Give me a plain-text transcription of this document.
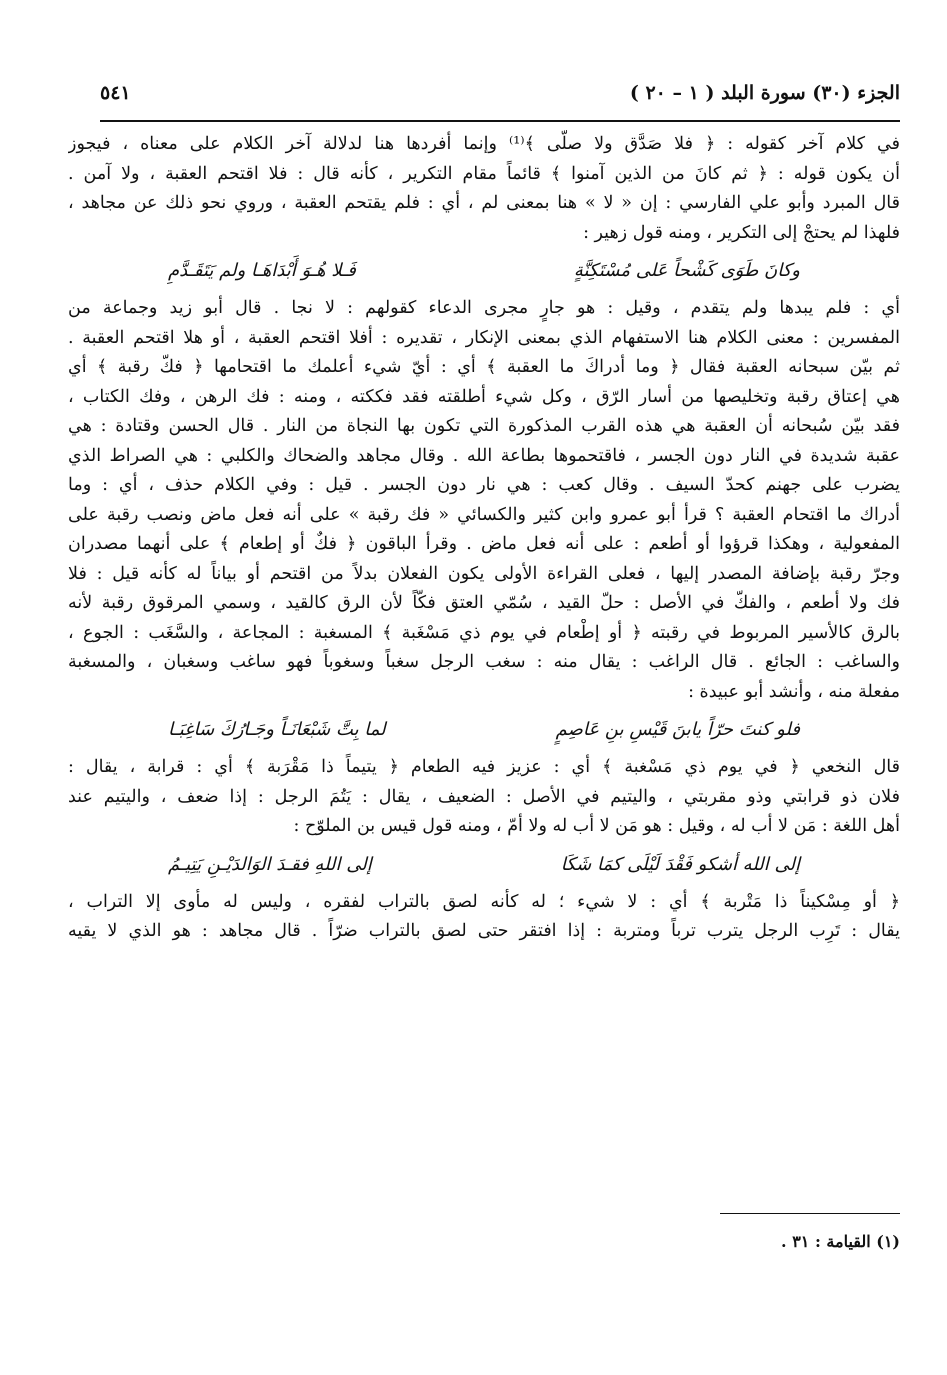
الجزء (٣٠) سورة البلد ( ١ – ٢٠ )
٥٤١
في كلام آخر كقوله : ﴿ فلا صَدَّق ولا صلّى ﴾⁽¹⁾ وإنما أفردها هنا لدلالة آخر الكلام على معناه ، فيجوز
أن يكون قوله : ﴿ ثم كانَ من الذين آمنوا ﴾ قائماً مقام التكرير ، كأنه قال : فلا اقتحم العقبة ، ولا آمن .
قال المبرد وأبو علي الفارسي : إن « لا » هنا بمعنى لم ، أي : فلم يقتحم العقبة ، وروي نحو ذلك عن مجاهد ،
فلهذا لم يحتجْ إلى التكرير ، ومنه قول زهير :
وكانَ طَوَى كَشْحاً عَلى مُسْتَكِنَّةٍ
فَـلا هُـوَ أَبْدَاهَـا ولم يَتَقَـدَّمِ
أي : فلم يبدها ولم يتقدم ، وقيل : هو جارٍ مجرى الدعاء كقولهم : لا نجا . قال أبو زيد وجماعة من
المفسرين : معنى الكلام هنا الاستفهام الذي بمعنى الإنكار ، تقديره : أفلا اقتحم العقبة ، أو هلا اقتحم العقبة .
ثم بيّن سبحانه العقبة فقال ﴿ وما أدراكَ ما العقبة ﴾ أي : أيّ شيء أعلمك ما اقتحامها ﴿ فكّ رقبة ﴾ أي
هي إعتاق رقبة وتخليصها من أسار الرّق ، وكل شيء أطلقته فقد فككته ، ومنه : فك الرهن ، وفك الكتاب ،
فقد بيّن سُبحانه أن العقبة هي هذه القرب المذكورة التي تكون بها النجاة من النار . قال الحسن وقتادة : هي
عقبة شديدة في النار دون الجسر ، فاقتحموها بطاعة الله . وقال مجاهد والضحاك والكلبي : هي الصراط الذي
يضرب على جهنم كحدّ السيف . وقال كعب : هي نار دون الجسر . قيل : وفي الكلام حذف ، أي : وما
أدراك ما اقتحام العقبة ؟ قرأ أبو عمرو وابن كثير والكسائي « فك رقبة » على أنه فعل ماض ونصب رقبة على
المفعولية ، وهكذا قرؤوا أو أطعم : على أنه فعل ماض . وقرأ الباقون ﴿ فكٌ أو إطعام ﴾ على أنهما مصدران
وجرّ رقبة بإضافة المصدر إليها ، فعلى القراءة الأولى يكون الفعلان بدلاً من اقتحم أو بياناً له كأنه قيل : فلا
فك ولا أطعم ، والفكّ في الأصل : حلّ القيد ، سُمّي العتق فكّاً لأن الرق كالقيد ، وسمي المرقوق رقبة لأنه
بالرق كالأسير المربوط في رقبته ﴿ أو إطْعام في يوم ذي مَسْغَبة ﴾ المسغبة : المجاعة ، والسَّغَب : الجوع ،
والساغب : الجائع . قال الراغب : يقال منه : سغب الرجل سغباً وسغوباً فهو ساغب وسغبان ، والمسغبة
مفعلة منه ، وأنشد أبو عبيدة :
فلو كنتَ حرّاً يابنَ قَيْسِ بنِ عَاصِمٍ
لما بِتَّ شَبْعَانَـاً وجَـارُكَ سَاغِبَـا
قال النخعي ﴿ في يوم ذي مَسْغبة ﴾ أي : عزيز فيه الطعام ﴿ يتيماً ذا مَقْرَبة ﴾ أي : قرابة ، يقال :
فلان ذو قرابتي وذو مقربتي ، واليتيم في الأصل : الضعيف ، يقال : يَتُمَ الرجل : إذا ضعف ، واليتيم عند
أهل اللغة : مَن لا أب له ، وقيل : هو مَن لا أب له ولا أمّ ، ومنه قول قيس بن الملوّح :
إلى الله أشكو فَقْدَ لَيْلَى كمَا شَكَا
إلى اللهِ فقـدَ الوَالدَيْـنِ يَتِيـمُ
﴿ أو مِسْكيناً ذا مَتْربة ﴾ أي : لا شيء ؛ له كأنه لصق بالتراب لفقره ، وليس له مأوى إلا التراب ،
يقال : تَرِب الرجل يترب ترباً ومتربة : إذا افتقر حتى لصق بالتراب ضرّاً . قال مجاهد : هو الذي لا يقيه
(١) القيامة : ٣١ .
